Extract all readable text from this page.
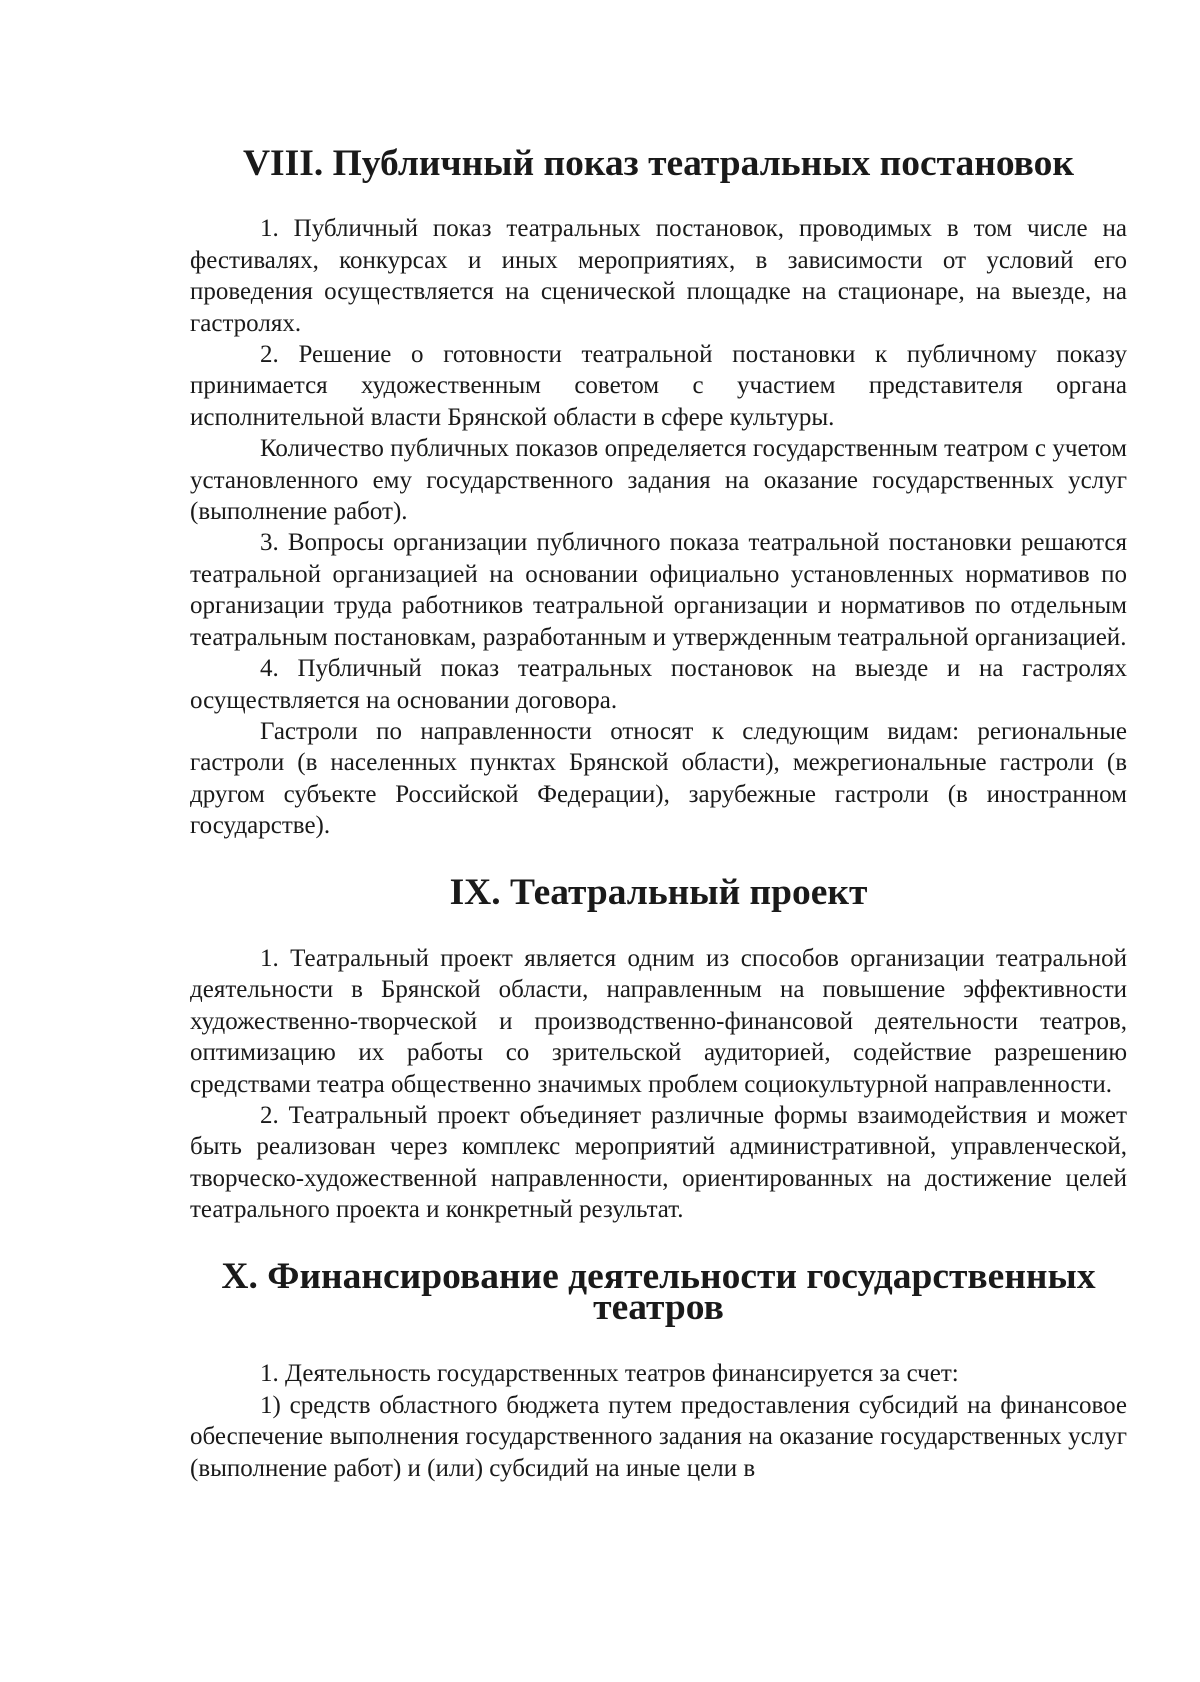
VIII. Публичный показ театральных постановок

1. Публичный показ театральных постановок, проводимых в том числе на фестивалях, конкурсах и иных мероприятиях, в зависимости от условий его проведения осуществляется на сценической площадке на стационаре, на выезде, на гастролях.

2. Решение о готовности театральной постановки к публичному показу принимается художественным советом с участием представителя органа исполнительной власти Брянской области в сфере культуры.

Количество публичных показов определяется государственным театром с учетом установленного ему государственного задания на оказание государственных услуг (выполнение работ).

3. Вопросы организации публичного показа театральной постановки решаются театральной организацией на основании официально установленных нормативов по организации труда работников театральной организации и нормативов по отдельным театральным постановкам, разработанным и утвержденным театральной организацией.

4. Публичный показ театральных постановок на выезде и на гастролях осуществляется на основании договора.

Гастроли по направленности относят к следующим видам: региональные гастроли (в населенных пунктах Брянской области), межрегиональные гастроли (в другом субъекте Российской Федерации), зарубежные гастроли (в иностранном государстве).

IX. Театральный проект

1. Театральный проект является одним из способов организации театральной деятельности в Брянской области, направленным на повышение эффективности художественно-творческой и производственно-финансовой деятельности театров, оптимизацию их работы со зрительской аудиторией, содействие разрешению средствами театра общественно значимых проблем социокультурной направленности.

2. Театральный проект объединяет различные формы взаимодействия и может быть реализован через комплекс мероприятий административной, управленческой, творческо-художественной направленности, ориентированных на достижение целей театрального проекта и конкретный результат.

X. Финансирование деятельности государственных театров

1. Деятельность государственных театров финансируется за счет:

1) средств областного бюджета путем предоставления субсидий на финансовое обеспечение выполнения государственного задания на оказание государственных услуг (выполнение работ) и (или) субсидий на иные цели в
